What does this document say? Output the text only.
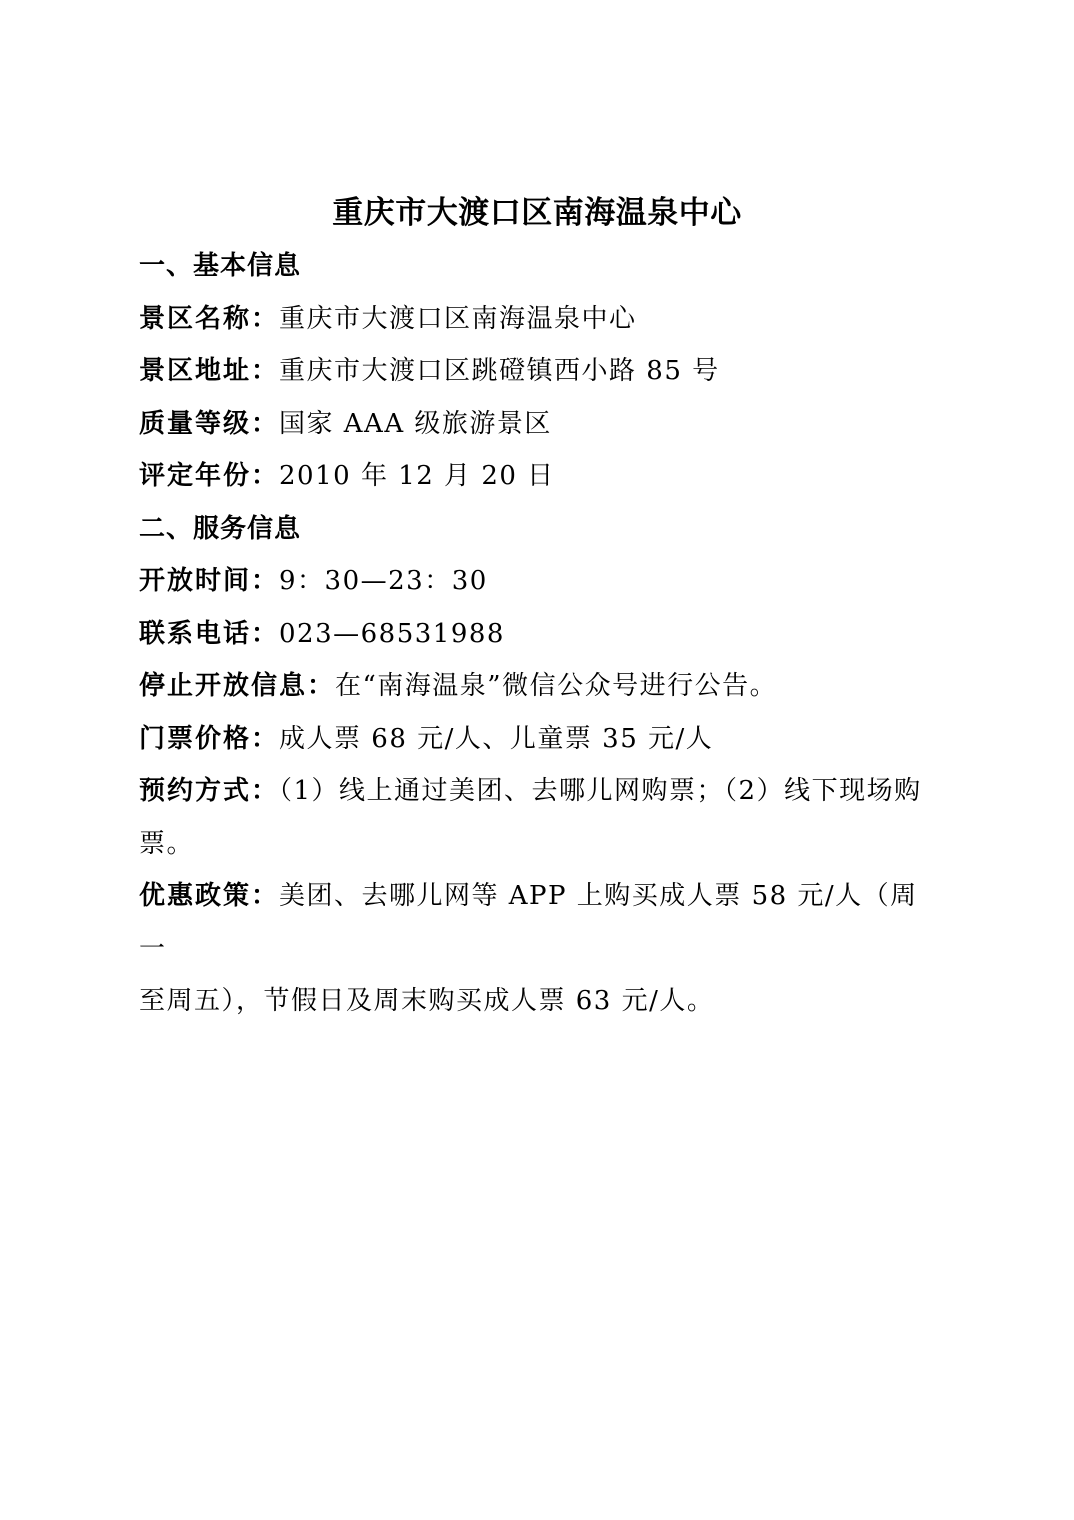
重庆市大渡口区南海温泉中心
一、基本信息
景区名称：重庆市大渡口区南海温泉中心
景区地址：重庆市大渡口区跳磴镇西小路 85 号
质量等级：国家 AAA 级旅游景区
评定年份：2010 年 12 月 20 日
二、服务信息
开放时间：9：30—23：30
联系电话：023—68531988
停止开放信息：在“南海温泉”微信公众号进行公告。
门票价格：成人票 68 元/人、儿童票 35 元/人
预约方式：（1）线上通过美团、去哪儿网购票；（2）线下现场购
票。
优惠政策：美团、去哪儿网等 APP 上购买成人票 58 元/人（周一
至周五），节假日及周末购买成人票 63 元/人。
